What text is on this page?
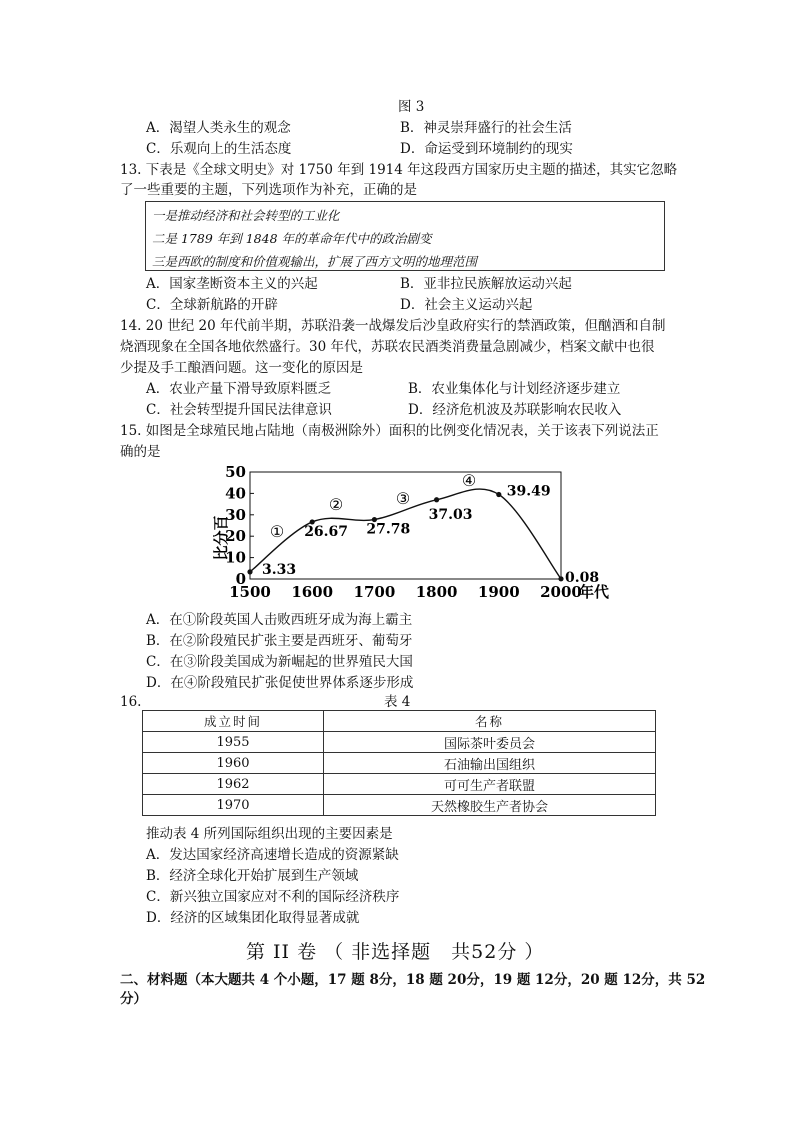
图 3
A．渴望人类永生的观念	B．神灵崇拜盛行的社会生活
C．乐观向上的生活态度	D．命运受到环境制约的现实
13. 下表是《全球文明史》对 1750 年到 1914 年这段西方国家历史主题的描述，其实它忽略
了一些重要的主题，下列选项作为补充，正确的是
一是推动经济和社会转型的工业化
二是 1789 年到 1848 年的革命年代中的政治剧变
三是西欧的制度和价值观输出，扩展了西方文明的地理范围
A．国家垄断资本主义的兴起	B．亚非拉民族解放运动兴起
C．全球新航路的开辟	D．社会主义运动兴起
14. 20 世纪 20 年代前半期，苏联沿袭一战爆发后沙皇政府实行的禁酒政策，但酗酒和自制
烧酒现象在全国各地依然盛行。30 年代，苏联农民酒类消费量急剧减少，档案文献中也很
少提及手工酿酒问题。这一变化的原因是
A．农业产量下滑导致原料匮乏	B．农业集体化与计划经济逐步建立
C．社会转型提升国民法律意识	D．经济危机波及苏联影响农民收入
15. 如图是全球殖民地占陆地（南极洲除外）面积的比例变化情况表，关于该表下列说法正
确的是
0
10
20
30
40
50
1500 1600 1700 1800 1900 2000
3.33
26.67 27.78
37.03
39.49
0.08
①
②	③
④
比分百
年代
A．在①阶段英国人击败西班牙成为海上霸主
B．在②阶段殖民扩张主要是西班牙、葡萄牙
C．在③阶段美国成为新崛起的世界殖民大国
D．在④阶段殖民扩张促使世界体系逐步形成
16.	表 4
成立时间	名称
1955	国际茶叶委员会
1960	石油输出国组织
1962	可可生产者联盟
1970	天然橡胶生产者协会
推动表 4 所列国际组织出现的主要因素是
A．发达国家经济高速增长造成的资源紧缺
B．经济全球化开始扩展到生产领域
C．新兴独立国家应对不利的国际经济秩序
D．经济的区域集团化取得显著成就
第 II 卷 （ 非选择题　共52分 ）
二、材料题（本大题共 4 个小题，17 题 8分，18 题 20分，19 题 12分，20 题 12分，共 52
分）
